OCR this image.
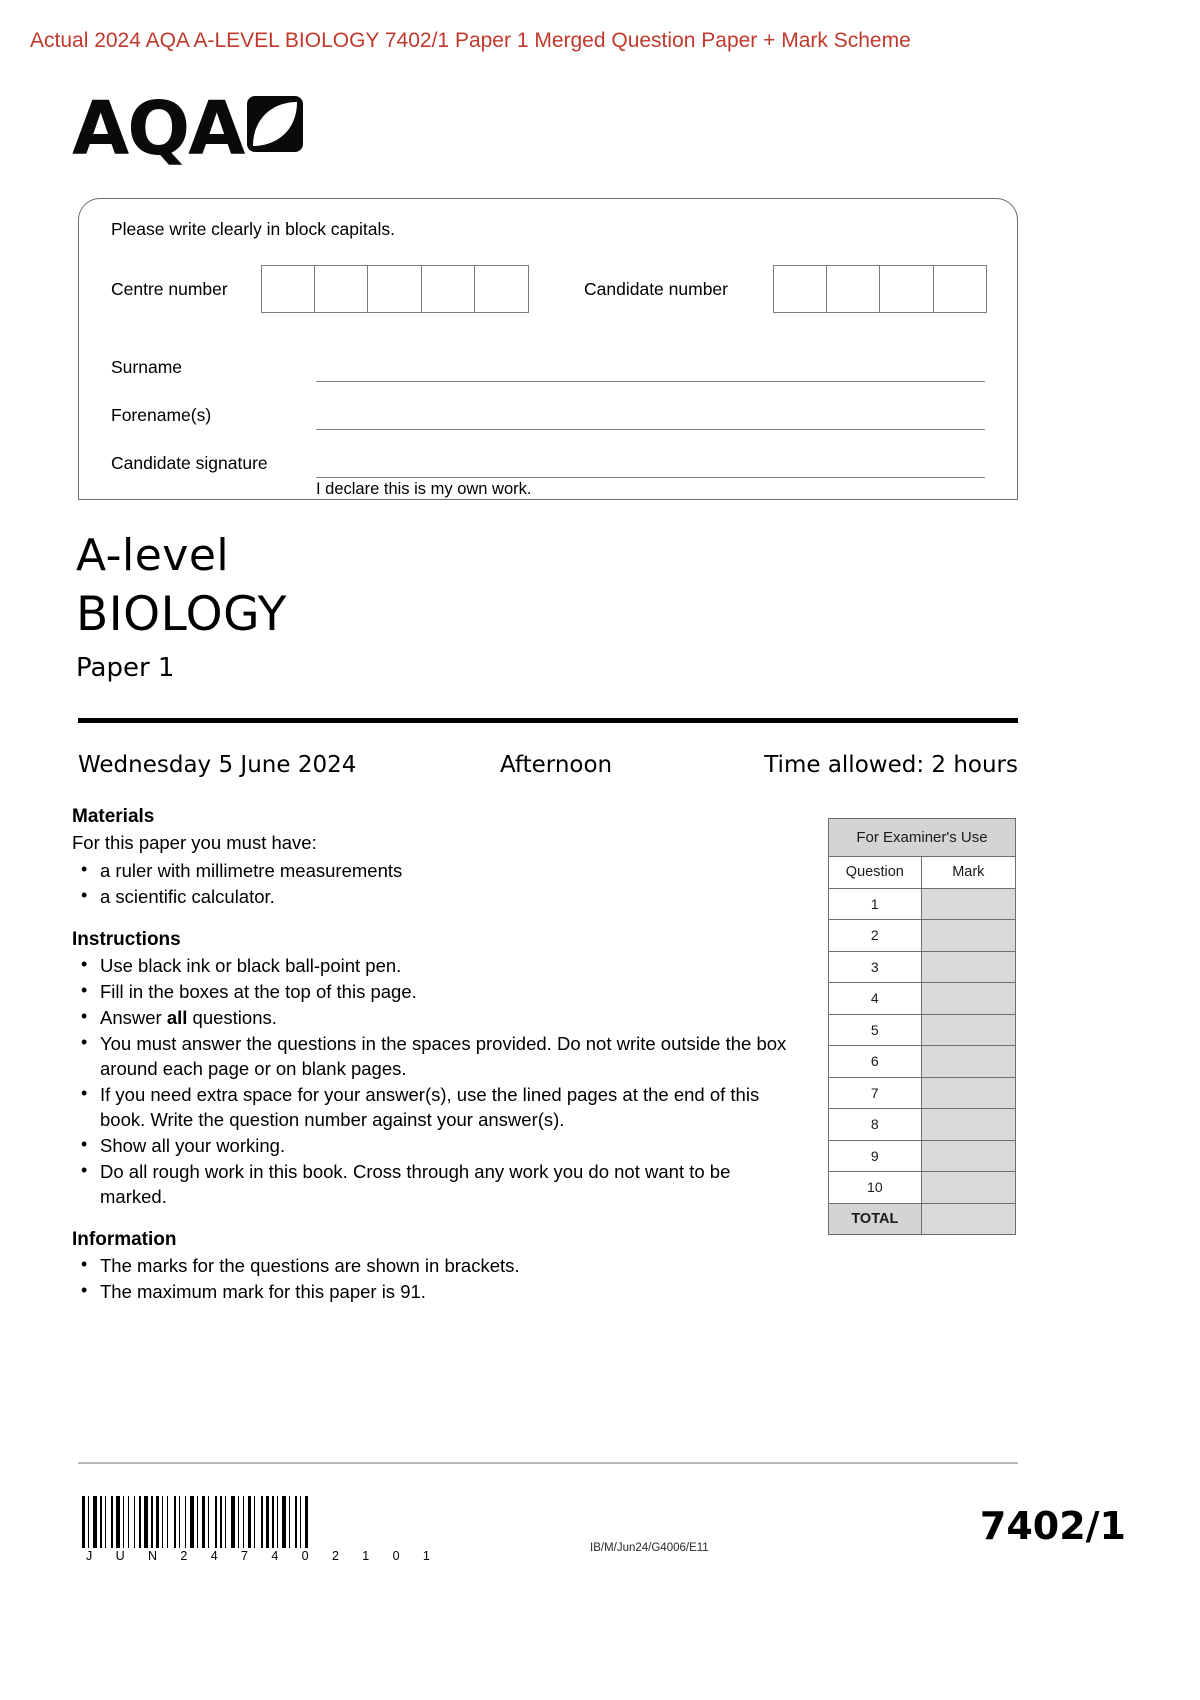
Actual 2024 AQA A-LEVEL BIOLOGY 7402/1 Paper 1 Merged Question Paper + Mark Scheme
AQA
Please write clearly in block capitals.
Centre number	Candidate number
Surname
Forename(s)
Candidate signature
I declare this is my own work.
A-level
BIOLOGY
Paper 1
Wednesday 5 June 2024	Afternoon	Time allowed: 2 hours
Materials

For this paper you must have:

• a ruler with millimetre measurements
• a scientific calculator.
Instructions
• Use black ink or black ball-point pen.
• Fill in the boxes at the top of this page.
• Answer all questions.
• You must answer the questions in the spaces provided. Do not write outside the box around each page or on blank pages.
• If you need extra space for your answer(s), use the lined pages at the end of this book. Write the question number against your answer(s).
• Show all your working.
• Do all rough work in this book. Cross through any work you do not want to be marked.
Information
• The marks for the questions are shown in brackets.
• The maximum mark for this paper is 91.
For Examiner's Use	
Question	Mark
1	
2	
3	
4	
5	
6	
7	
8	
9	
10	
TOTAL	
J U N 2 4 7 4 0 2 1 0 1
IB/M/Jun24/G4006/E11	7402/1
